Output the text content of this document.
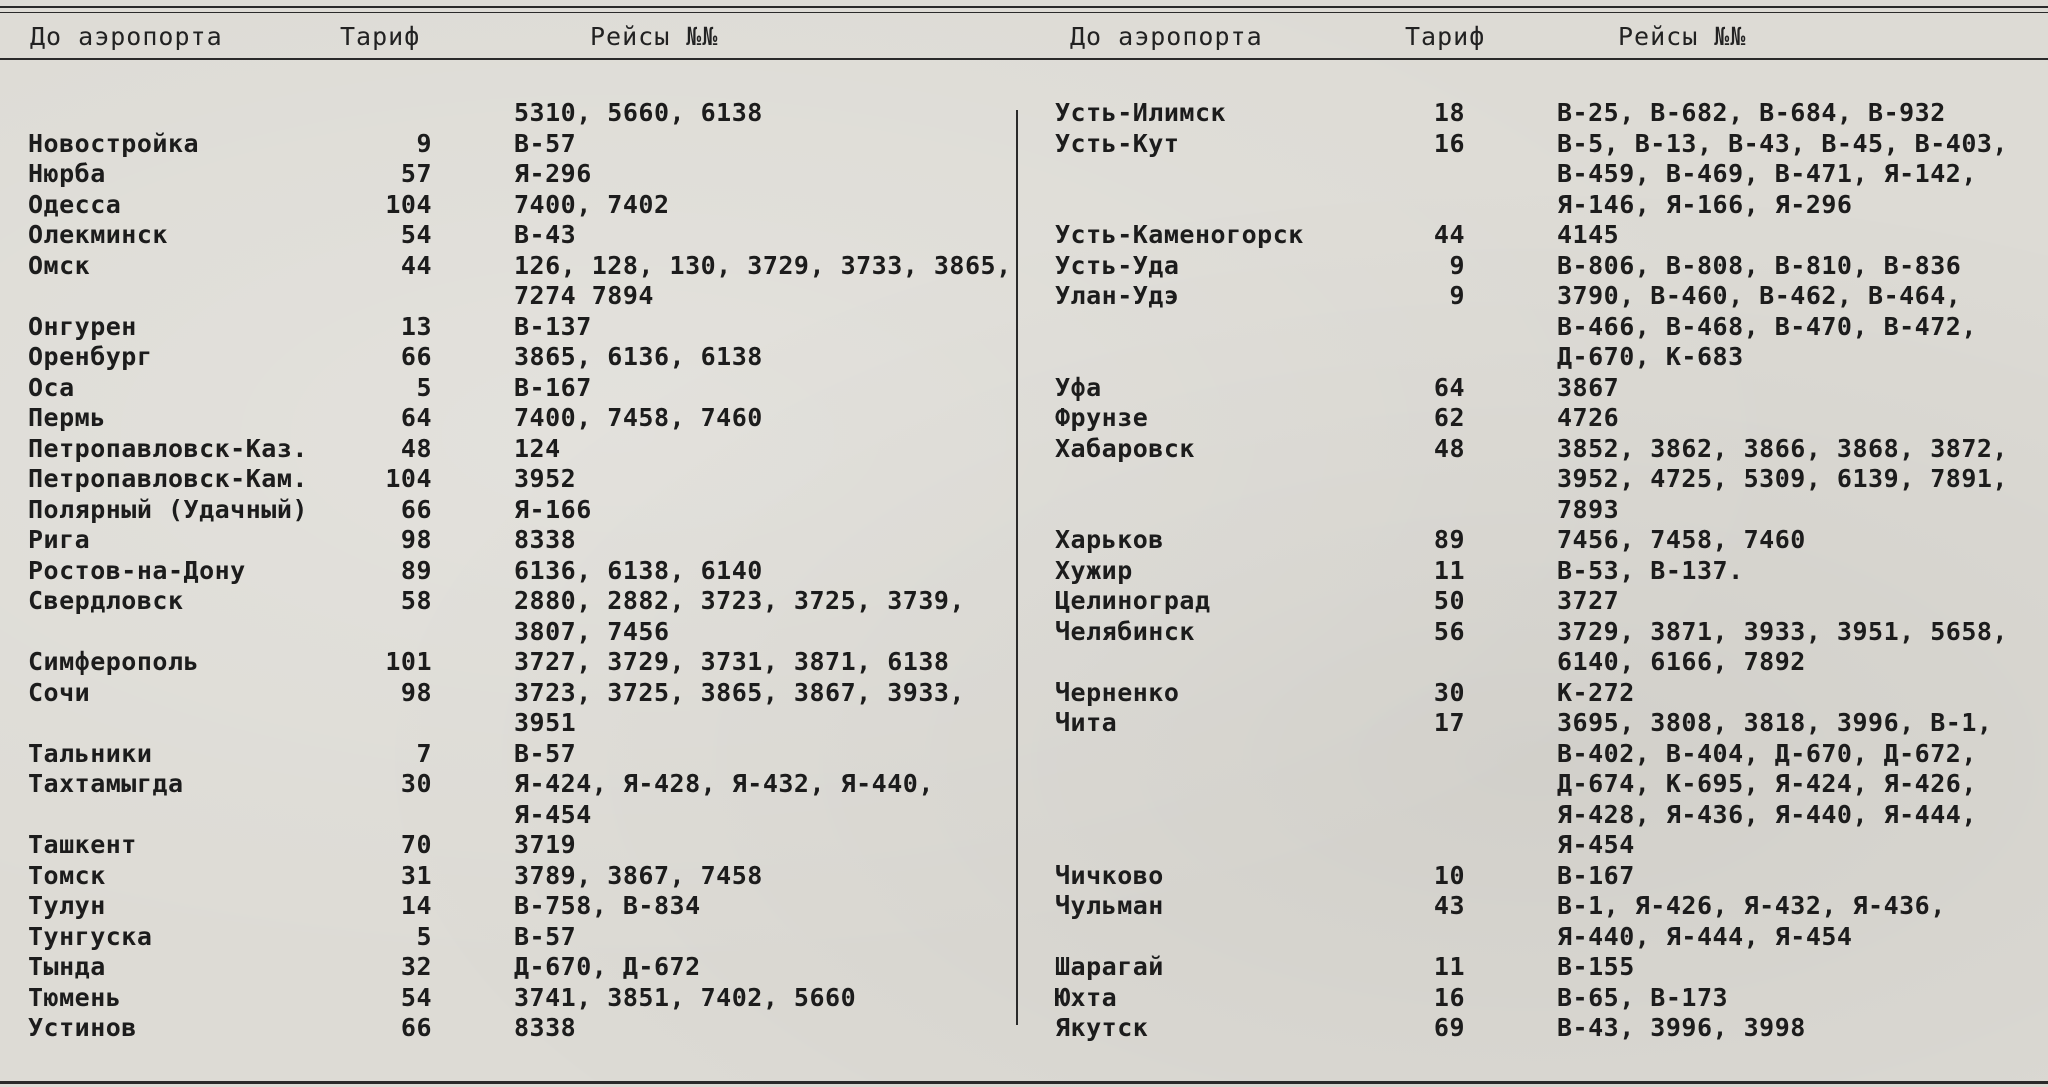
До аэропорта	Тариф	Рейсы №№	До аэропорта	Тариф	Рейсы №№
5310, 5660, 6138
Новостройка	9	В-57
Нюрба	57	Я-296
Одесса	104	7400, 7402
Олекминск	54	В-43
Омск	44	126, 128, 130, 3729, 3733, 3865,
7274 7894
Онгурен	13	В-137
Оренбург	66	3865, 6136, 6138
Оса	5	В-167
Пермь	64	7400, 7458, 7460
Петропавловск-Каз.	48	124
Петропавловск-Кам.	104	3952
Полярный (Удачный)	66	Я-166
Рига	98	8338
Ростов-на-Дону	89	6136, 6138, 6140
Свердловск	58	2880, 2882, 3723, 3725, 3739,
3807, 7456
Симферополь	101	3727, 3729, 3731, 3871, 6138
Сочи	98	3723, 3725, 3865, 3867, 3933,
3951
Тальники	7	В-57
Тахтамыгда	30	Я-424, Я-428, Я-432, Я-440,
Я-454
Ташкент	70	3719
Томск	31	3789, 3867, 7458
Тулун	14	В-758, В-834
Тунгуска	5	В-57
Тында	32	Д-670, Д-672
Тюмень	54	3741, 3851, 7402, 5660
Устинов	66	8338
Усть-Илимск	18	В-25, В-682, В-684, В-932
Усть-Кут	16	В-5, В-13, В-43, В-45, В-403,
В-459, В-469, В-471, Я-142,
Я-146, Я-166, Я-296
Усть-Каменогорск	44	4145
Усть-Уда	9	В-806, В-808, В-810, В-836
Улан-Удэ	9	3790, В-460, В-462, В-464,
В-466, В-468, В-470, В-472,
Д-670, К-683
Уфа	64	3867
Фрунзе	62	4726
Хабаровск	48	3852, 3862, 3866, 3868, 3872,
3952, 4725, 5309, 6139, 7891,
7893
Харьков	89	7456, 7458, 7460
Хужир	11	В-53, В-137.
Целиноград	50	3727
Челябинск	56	3729, 3871, 3933, 3951, 5658,
6140, 6166, 7892
Черненко	30	К-272
Чита	17	3695, 3808, 3818, 3996, В-1,
В-402, В-404, Д-670, Д-672,
Д-674, К-695, Я-424, Я-426,
Я-428, Я-436, Я-440, Я-444,
Я-454
Чичково	10	В-167
Чульман	43	В-1, Я-426, Я-432, Я-436,
Я-440, Я-444, Я-454
Шарагай	11	В-155
Юхта	16	В-65, В-173
Якутск	69	В-43, 3996, 3998
